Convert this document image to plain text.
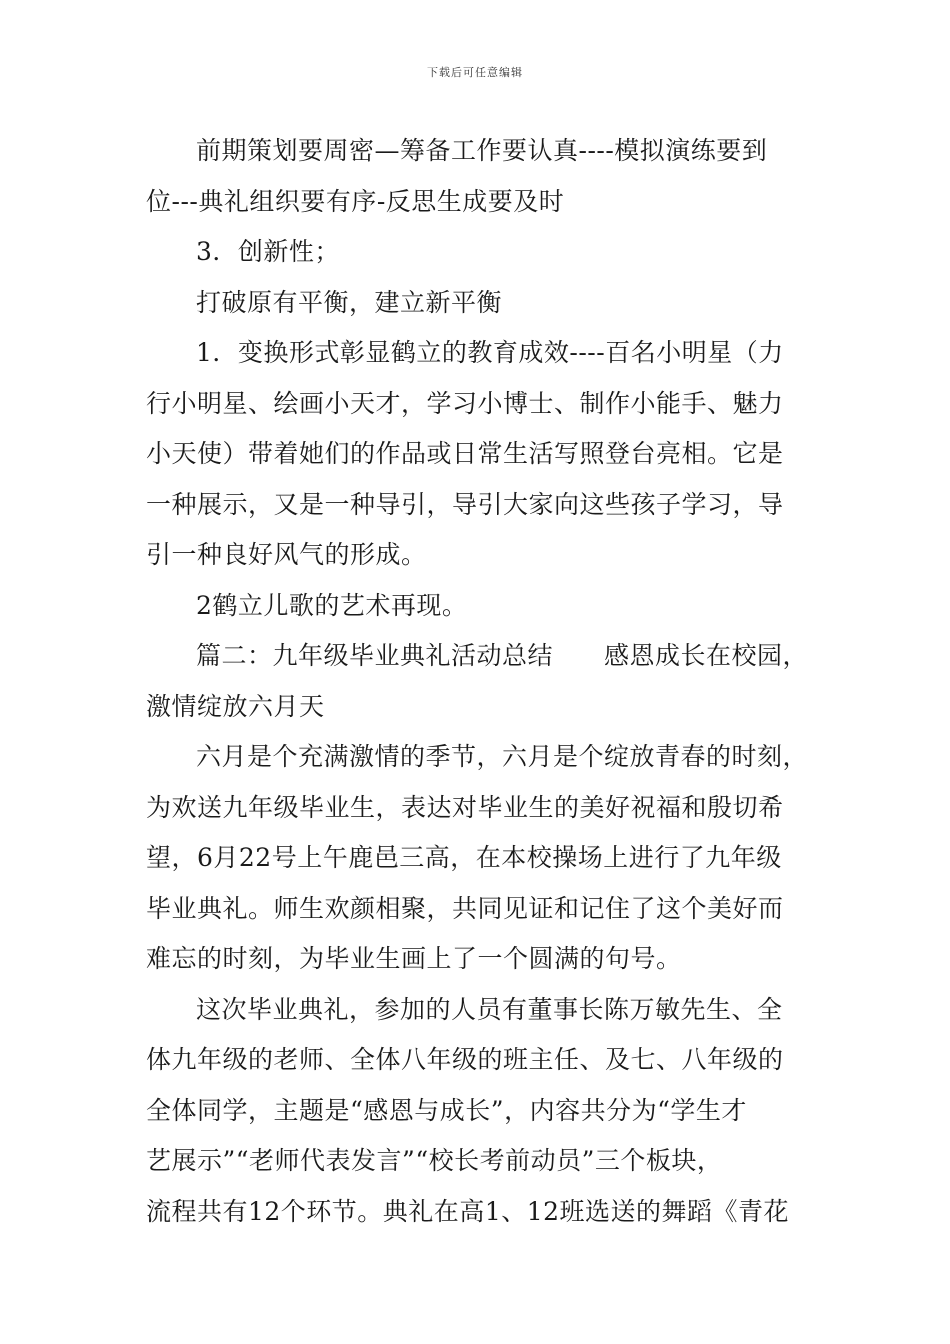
下载后可任意编辑
前期策划要周密—筹备工作要认真----模拟演练要到
位---典礼组织要有序-反思生成要及时
3．创新性；
打破原有平衡，建立新平衡
1．变换形式彰显鹤立的教育成效----百名小明星（力
行小明星、绘画小天才，学习小博士、制作小能手、魅力
小天使）带着她们的作品或日常生活写照登台亮相。它是
一种展示，又是一种导引，导引大家向这些孩子学习，导
引一种良好风气的形成。
2鹤立儿歌的艺术再现。
篇二：九年级毕业典礼活动总结　　感恩成长在校园，
激情绽放六月天
六月是个充满激情的季节，六月是个绽放青春的时刻，
为欢送九年级毕业生，表达对毕业生的美好祝福和殷切希
望，6月22号上午鹿邑三高，在本校操场上进行了九年级
毕业典礼。师生欢颜相聚，共同见证和记住了这个美好而
难忘的时刻，为毕业生画上了一个圆满的句号。
这次毕业典礼，参加的人员有董事长陈万敏先生、全
体九年级的老师、全体八年级的班主任、及七、八年级的
全体同学，主题是“感恩与成长”，内容共分为“学生才
艺展示”“老师代表发言”“校长考前动员”三个板块，
流程共有12个环节。典礼在高1、12班选送的舞蹈《青花
